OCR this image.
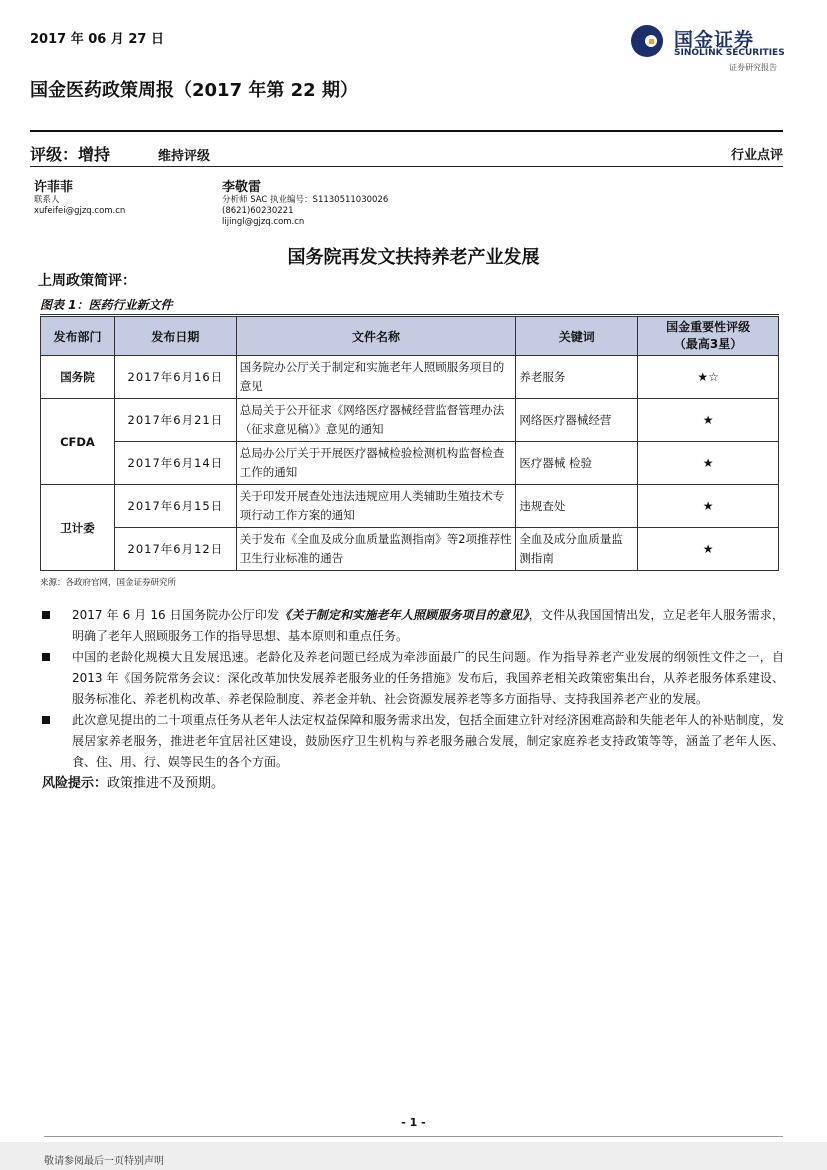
2017 年 06 月 27 日
国金医药政策周报（2017 年第 22 期）
国金证券
SINOLINK SECURITIES
证券研究报告
评级：增持	维持评级	行业点评
许菲菲
联系人
xufeifei@gjzq.com.cn
李敬雷
分析师 SAC 执业编号：S1130511030026
(8621)60230221
lijingl@gjzq.com.cn
国务院再发文扶持养老产业发展
上周政策简评：
图表 1：医药行业新文件
发布部门	发布日期	文件名称	关键词	国金重要性评级
（最高3星）
国务院	2017年6月16日	国务院办公厅关于制定和实施老年人照顾服务项目的意见	养老服务	★☆
CFDA	2017年6月21日	总局关于公开征求《网络医疗器械经营监督管理办法（征求意见稿）》意见的通知	网络医疗器械经营	★
	2017年6月14日	总局办公厅关于开展医疗器械检验检测机构监督检查工作的通知	医疗器械 检验	★
卫计委	2017年6月15日	关于印发开展查处违法违规应用人类辅助生殖技术专项行动工作方案的通知	违规查处	★
	2017年6月12日	关于发布《全血及成分血质量监测指南》等2项推荐性卫生行业标准的通告	全血及成分血质量监测指南	★
来源：各政府官网，国金证券研究所
2017 年 6 月 16 日国务院办公厅印发《关于制定和实施老年人照顾服务项目的意见》，文件从我国国情出发，立足老年人服务需求，明确了老年人照顾服务工作的指导思想、基本原则和重点任务。
中国的老龄化规模大且发展迅速。老龄化及养老问题已经成为牵涉面最广的民生问题。作为指导养老产业发展的纲领性文件之一，自 2013 年《国务院常务会议：深化改革加快发展养老服务业的任务措施》发布后，我国养老相关政策密集出台，从养老服务体系建设、服务标准化、养老机构改革、养老保险制度、养老金并轨、社会资源发展养老等多方面指导、支持我国养老产业的发展。
此次意见提出的二十项重点任务从老年人法定权益保障和服务需求出发，包括全面建立针对经济困难高龄和失能老年人的补贴制度，发展居家养老服务，推进老年宜居社区建设，鼓励医疗卫生机构与养老服务融合发展，制定家庭养老支持政策等等，涵盖了老年人医、食、住、用、行、娱等民生的各个方面。
风险提示：政策推进不及预期。
- 1 -
敬请参阅最后一页特别声明
